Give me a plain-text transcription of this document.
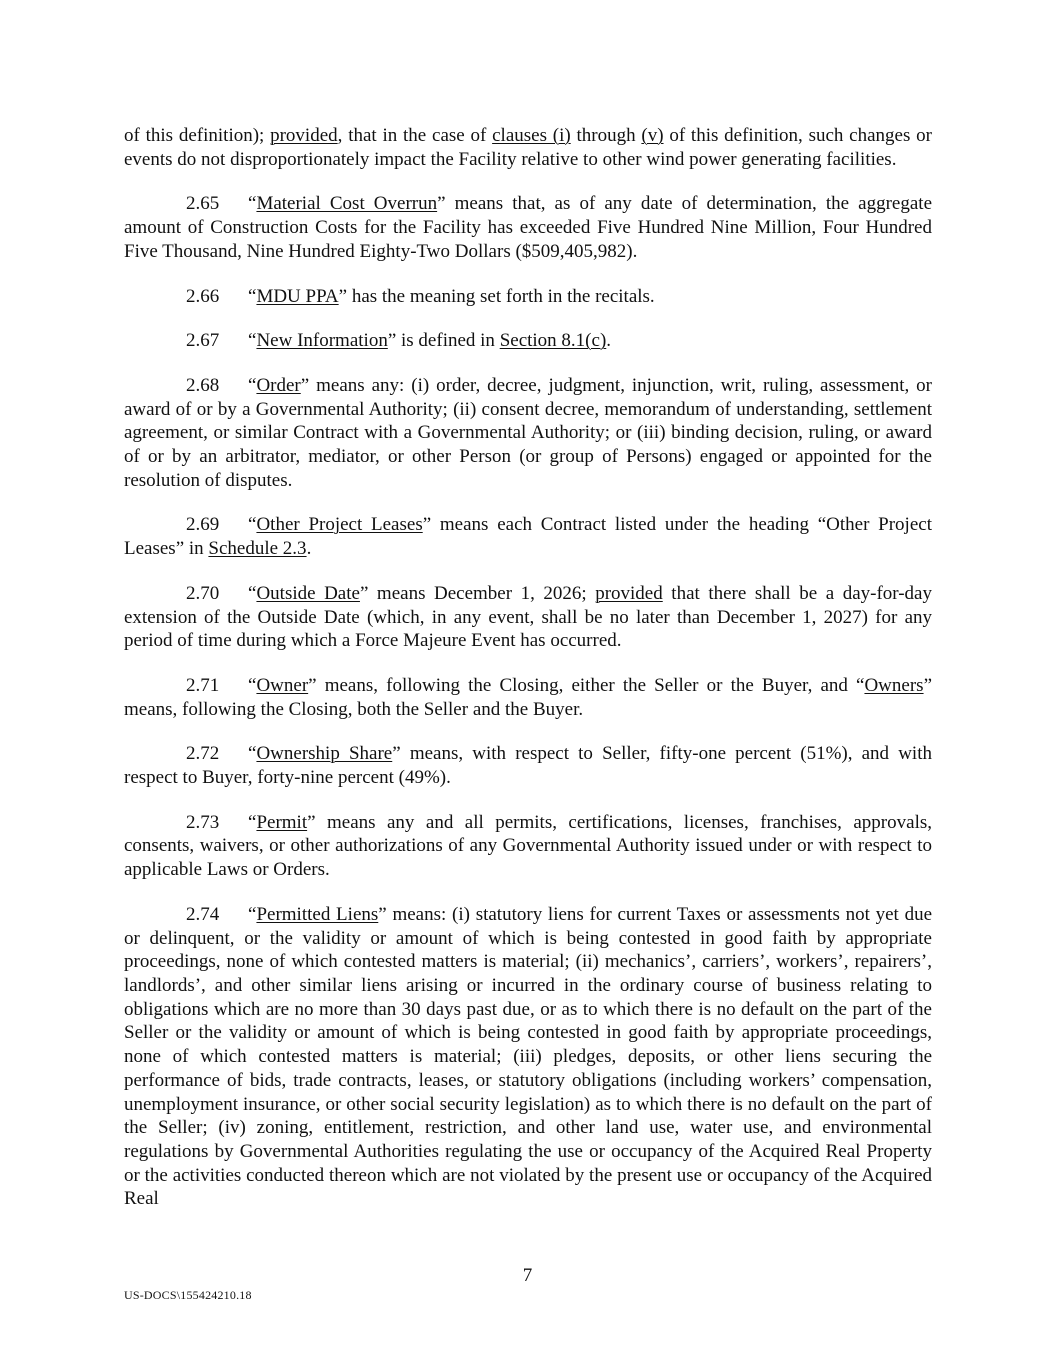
of this definition); provided, that in the case of clauses (i) through (v) of this definition, such changes or events do not disproportionately impact the Facility relative to other wind power generating facilities.

2.65 “Material Cost Overrun” means that, as of any date of determination, the aggregate amount of Construction Costs for the Facility has exceeded Five Hundred Nine Million, Four Hundred Five Thousand, Nine Hundred Eighty-Two Dollars ($509,405,982).

2.66 “MDU PPA” has the meaning set forth in the recitals.

2.67 “New Information” is defined in Section 8.1(c).

2.68 “Order” means any: (i) order, decree, judgment, injunction, writ, ruling, assessment, or award of or by a Governmental Authority; (ii) consent decree, memorandum of understanding, settlement agreement, or similar Contract with a Governmental Authority; or (iii) binding decision, ruling, or award of or by an arbitrator, mediator, or other Person (or group of Persons) engaged or appointed for the resolution of disputes.

2.69 “Other Project Leases” means each Contract listed under the heading “Other Project Leases” in Schedule 2.3.

2.70 “Outside Date” means December 1, 2026; provided that there shall be a day-for-day extension of the Outside Date (which, in any event, shall be no later than December 1, 2027) for any period of time during which a Force Majeure Event has occurred.

2.71 “Owner” means, following the Closing, either the Seller or the Buyer, and “Owners” means, following the Closing, both the Seller and the Buyer.

2.72 “Ownership Share” means, with respect to Seller, fifty-one percent (51%), and with respect to Buyer, forty-nine percent (49%).

2.73 “Permit” means any and all permits, certifications, licenses, franchises, approvals, consents, waivers, or other authorizations of any Governmental Authority issued under or with respect to applicable Laws or Orders.

2.74 “Permitted Liens” means: (i) statutory liens for current Taxes or assessments not yet due or delinquent, or the validity or amount of which is being contested in good faith by appropriate proceedings, none of which contested matters is material; (ii) mechanics’, carriers’, workers’, repairers’, landlords’, and other similar liens arising or incurred in the ordinary course of business relating to obligations which are no more than 30 days past due, or as to which there is no default on the part of the Seller or the validity or amount of which is being contested in good faith by appropriate proceedings, none of which contested matters is material; (iii) pledges, deposits, or other liens securing the performance of bids, trade contracts, leases, or statutory obligations (including workers’ compensation, unemployment insurance, or other social security legislation) as to which there is no default on the part of the Seller; (iv) zoning, entitlement, restriction, and other land use, water use, and environmental regulations by Governmental Authorities regulating the use or occupancy of the Acquired Real Property or the activities conducted thereon which are not violated by the present use or occupancy of the Acquired Real

7
US-DOCS\155424210.18
